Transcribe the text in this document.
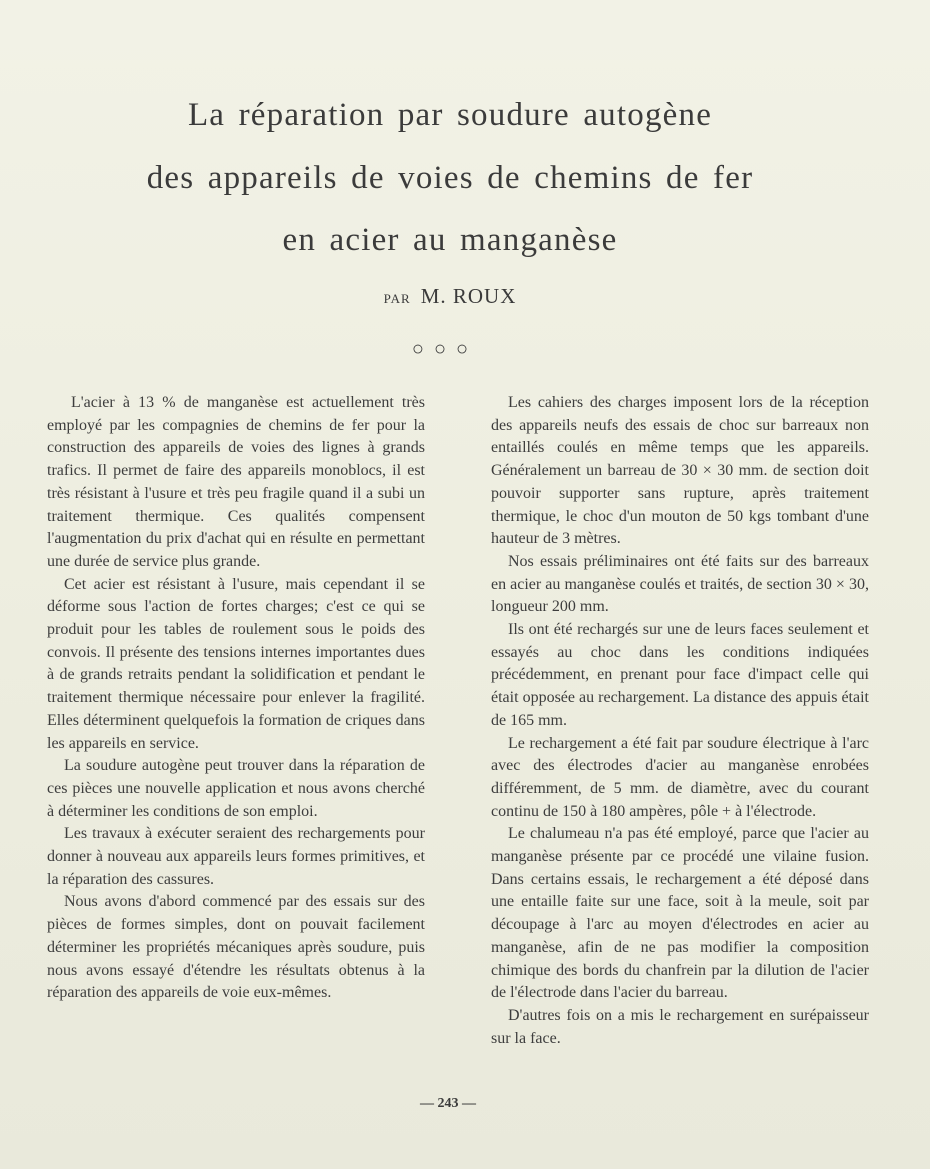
La réparation par soudure autogène
des appareils de voies de chemins de fer
en acier au manganèse
PAR M. ROUX
○○○

L'acier à 13 % de manganèse est actuellement très employé par les compagnies de chemins de fer pour la construction des appareils de voies des lignes à grands trafics. Il permet de faire des appareils monoblocs, il est très résistant à l'usure et très peu fragile quand il a subi un traitement thermique. Ces qualités compensent l'augmentation du prix d'achat qui en résulte en permettant une durée de service plus grande.

Cet acier est résistant à l'usure, mais cependant il se déforme sous l'action de fortes charges; c'est ce qui se produit pour les tables de roulement sous le poids des convois. Il présente des tensions internes importantes dues à de grands retraits pendant la solidification et pendant le traitement thermique nécessaire pour enlever la fragilité. Elles déterminent quelquefois la formation de criques dans les appareils en service.

La soudure autogène peut trouver dans la réparation de ces pièces une nouvelle application et nous avons cherché à déterminer les conditions de son emploi.

Les travaux à exécuter seraient des rechargements pour donner à nouveau aux appareils leurs formes primitives, et la réparation des cassures.

Nous avons d'abord commencé par des essais sur des pièces de formes simples, dont on pouvait facilement déterminer les propriétés mécaniques après soudure, puis nous avons essayé d'étendre les résultats obtenus à la réparation des appareils de voie eux-mêmes.

Les cahiers des charges imposent lors de la réception des appareils neufs des essais de choc sur barreaux non entaillés coulés en même temps que les appareils. Généralement un barreau de 30 × 30 mm. de section doit pouvoir supporter sans rupture, après traitement thermique, le choc d'un mouton de 50 kgs tombant d'une hauteur de 3 mètres.

Nos essais préliminaires ont été faits sur des barreaux en acier au manganèse coulés et traités, de section 30 × 30, longueur 200 mm.

Ils ont été rechargés sur une de leurs faces seulement et essayés au choc dans les conditions indiquées précédemment, en prenant pour face d'impact celle qui était opposée au rechargement. La distance des appuis était de 165 mm.

Le rechargement a été fait par soudure électrique à l'arc avec des électrodes d'acier au manganèse enrobées différemment, de 5 mm. de diamètre, avec du courant continu de 150 à 180 ampères, pôle + à l'électrode.

Le chalumeau n'a pas été employé, parce que l'acier au manganèse présente par ce procédé une vilaine fusion. Dans certains essais, le rechargement a été déposé dans une entaille faite sur une face, soit à la meule, soit par découpage à l'arc au moyen d'électrodes en acier au manganèse, afin de ne pas modifier la composition chimique des bords du chanfrein par la dilution de l'acier de l'électrode dans l'acier du barreau.

D'autres fois on a mis le rechargement en surépaisseur sur la face.

— 243 —
